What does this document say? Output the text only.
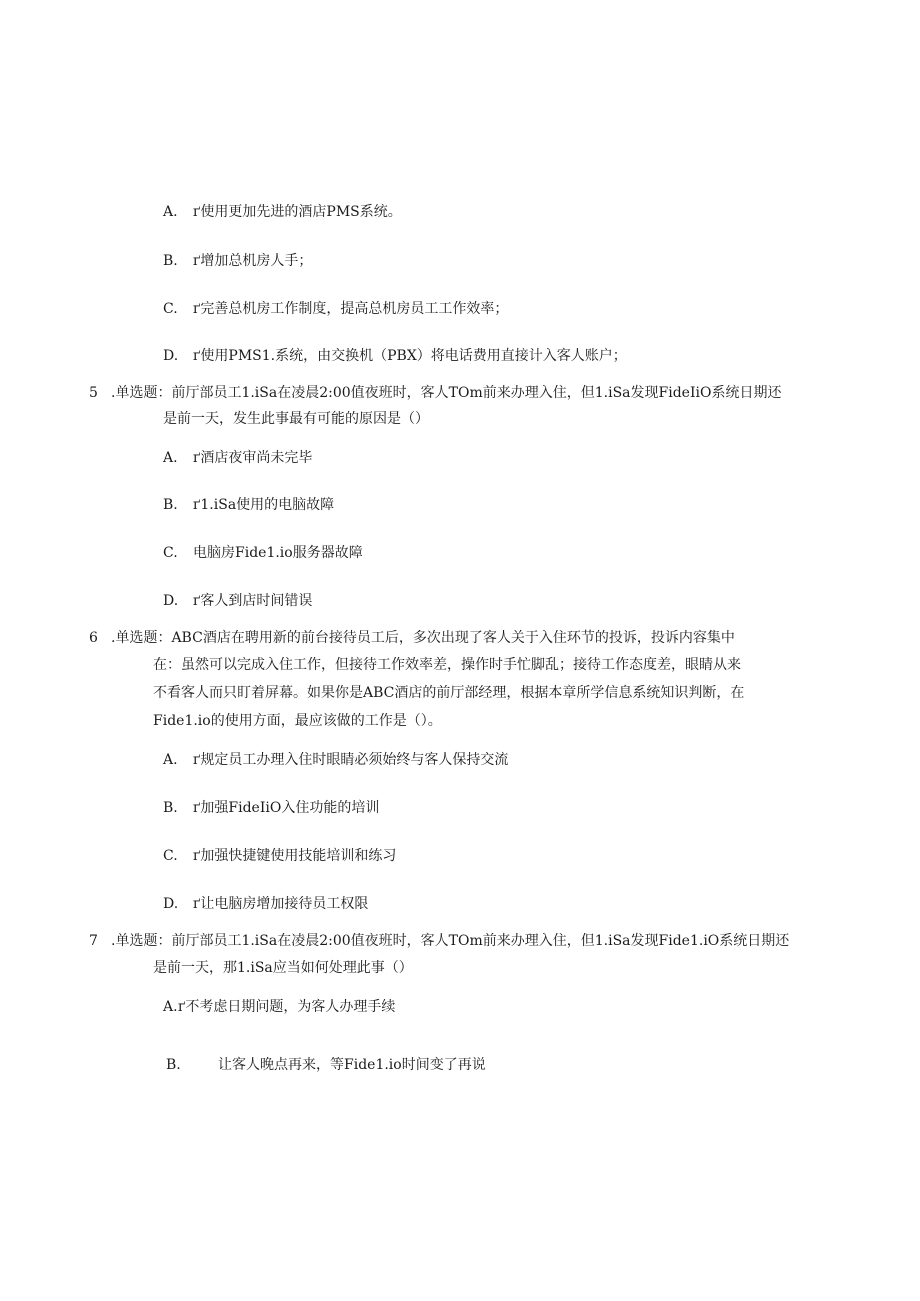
A. ґ使用更加先进的酒店PMS系统。
B. ґ增加总机房人手；
C. ґ完善总机房工作制度，提高总机房员工工作效率；
D. ґ使用PMS1.系统，由交换机（PBX）将电话费用直接计入客人账户；
5 .单选题：前厅部员工1.iSa在凌晨2:00值夜班时，客人TOm前来办理入住，但1.iSa发现FideIiO系统日期还
是前一天，发生此事最有可能的原因是（）
A. ґ酒店夜审尚未完毕
B. ґ1.iSa使用的电脑故障
C. 电脑房Fide1.io服务器故障
D. ґ客人到店时间错误
6 .单选题：ABC酒店在聘用新的前台接待员工后，多次出现了客人关于入住环节的投诉，投诉内容集中
在：虽然可以完成入住工作，但接待工作效率差，操作时手忙脚乱；接待工作态度差，眼睛从来
不看客人而只盯着屏幕。如果你是ABC酒店的前厅部经理，根据本章所学信息系统知识判断，在
Fide1.io的使用方面，最应该做的工作是（）。
A. ґ规定员工办理入住时眼睛必须始终与客人保持交流
B. ґ加强FideIiO入住功能的培训
C. ґ加强快捷键使用技能培训和练习
D. ґ让电脑房增加接待员工权限
7 .单选题：前厅部员工1.iSa在凌晨2:00值夜班时，客人TOm前来办理入住，但1.iSa发现Fide1.iO系统日期还
是前一天，那1.iSa应当如何处理此事（）
A. ґ不考虑日期问题，为客人办理手续
B.	让客人晚点再来，等Fide1.io时间变了再说
